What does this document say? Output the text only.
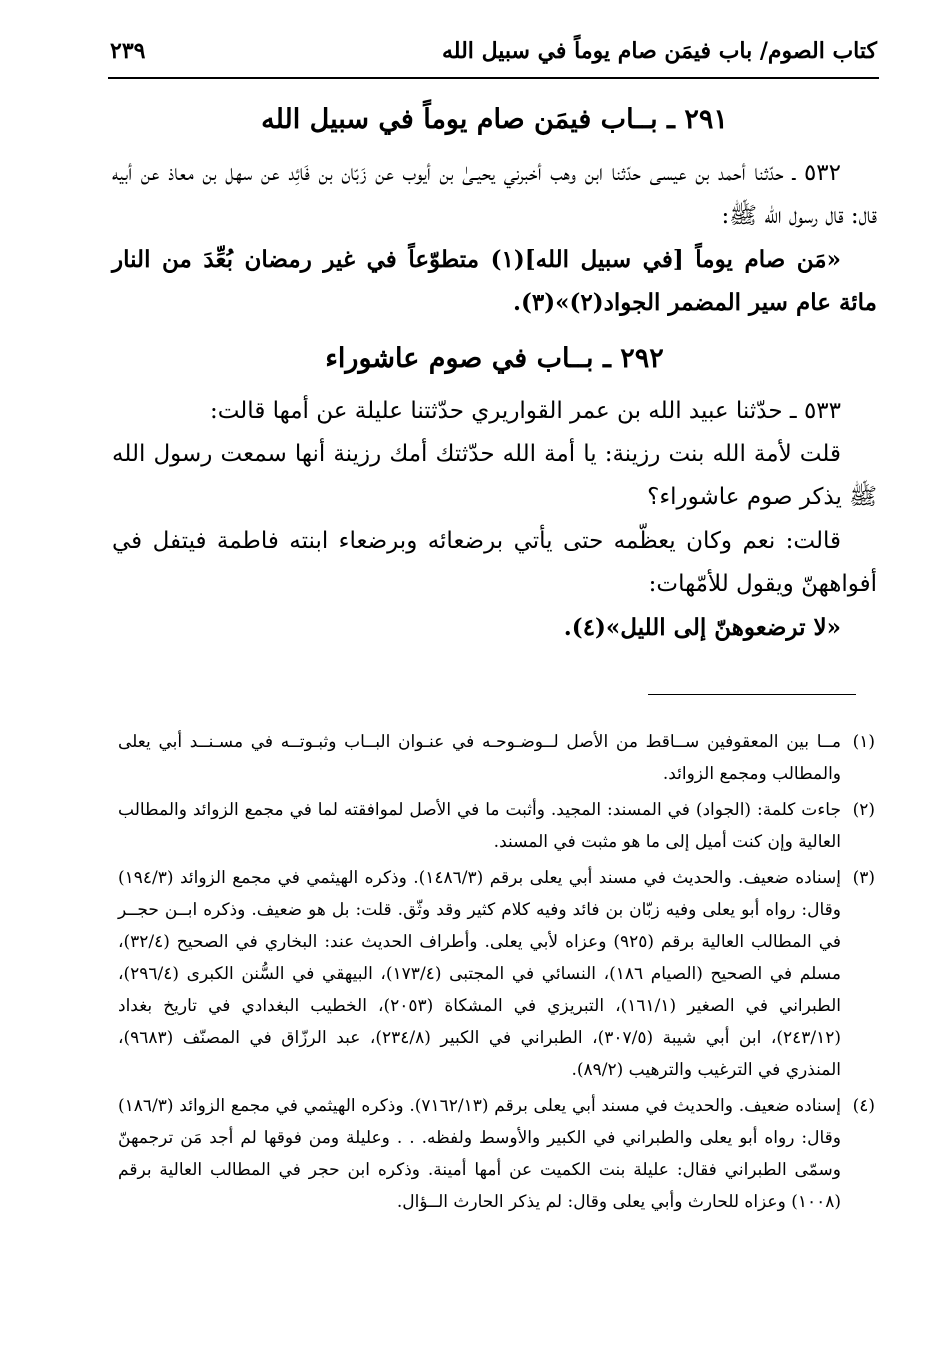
كتاب الصوم/ باب فيمَن صام يوماً في سبيل الله
٢٣٩
٢٩١ ـ بــاب فيمَن صام يوماً في سبيل الله
٥٣٢ ـ حدّثنا أحمد بن عيسى حدّثنا ابن وهب أخبرني يحيـىٰ بن أيوب عن زَبّان بن فَائِد عن سهل بن معاذ عن أبيه قال: قال رسول الله ﷺ:
«مَن صام يوماً [في سبيل الله](١) متطوّعاً في غير رمضان بُعِّدَ من النار مائة عام سير المضمر الجواد(٢)»(٣).
٢٩٢ ـ بــاب في صوم عاشوراء
٥٣٣ ـ حدّثنا عبيد الله بن عمر القواريري حدّثتنا عليلة عن أمها قالت:
قلت لأمة الله بنت رزينة: يا أمة الله حدّثتك أمك رزينة أنها سمعت رسول الله ﷺ يذكر صوم عاشوراء؟
قالت: نعم وكان يعظّمه حتى يأتي برضعائه وبرضعاء ابنته فاطمة فيتفل في أفواههنّ ويقول للأمّهات:
«لا ترضعوهنّ إلى الليل»(٤).
(١)
مــا بين المعقوفين ســاقط من الأصل لــوضـوحـه في عنـوان البــاب وثبـوتــه في مسـنــد أبي يعلى والمطالب ومجمع الزوائد.
(٢)
جاءت كلمة: (الجواد) في المسند: المجيد. وأثبت ما في الأصل لموافقته لما في مجمع الزوائد والمطالب العالية وإن كنت أميل إلى ما هو مثبت في المسند.
(٣)
إسناده ضعيف. والحديث في مسند أبي يعلى برقم (١٤٨٦/٣). وذكره الهيثمي في مجمع الزوائد (١٩٤/٣) وقال: رواه أبو يعلى وفيه زبّان بن فائد وفيه كلام كثير وقد وثّق. قلت: بل هو ضعيف. وذكره ابــن حجــر في المطالب العالية برقم (٩٢٥) وعزاه لأبي يعلى. وأطراف الحديث عند: البخاري في الصحيح (٣٢/٤)، مسلم في الصحيح (الصيام ١٨٦)، النسائي في المجتبى (١٧٣/٤)، البيهقي في السُّنن الكبرى (٢٩٦/٤)، الطبراني في الصغير (١٦١/١)، التبريزي في المشكاة (٢٠٥٣)، الخطيب البغدادي في تاريخ بغداد (٢٤٣/١٢)، ابن أبي شيبة (٣٠٧/٥)، الطبراني في الكبير (٢٣٤/٨)، عبد الرزّاق في المصنّف (٩٦٨٣)، المنذري في الترغيب والترهيب (٨٩/٢).
(٤)
إسناده ضعيف. والحديث في مسند أبي يعلى برقم (٧١٦٢/١٣). وذكره الهيثمي في مجمع الزوائد (١٨٦/٣) وقال: رواه أبو يعلى والطبراني في الكبير والأوسط ولفظه. . . وعليلة ومن فوقها لم أجد مَن ترجمهنّ وسمّى الطبراني فقال: عليلة بنت الكميت عن أمها أمينة. وذكره ابن حجر في المطالب العالية برقم (١٠٠٨) وعزاه للحارث وأبي يعلى وقال: لم يذكر الحارث الــؤال.
